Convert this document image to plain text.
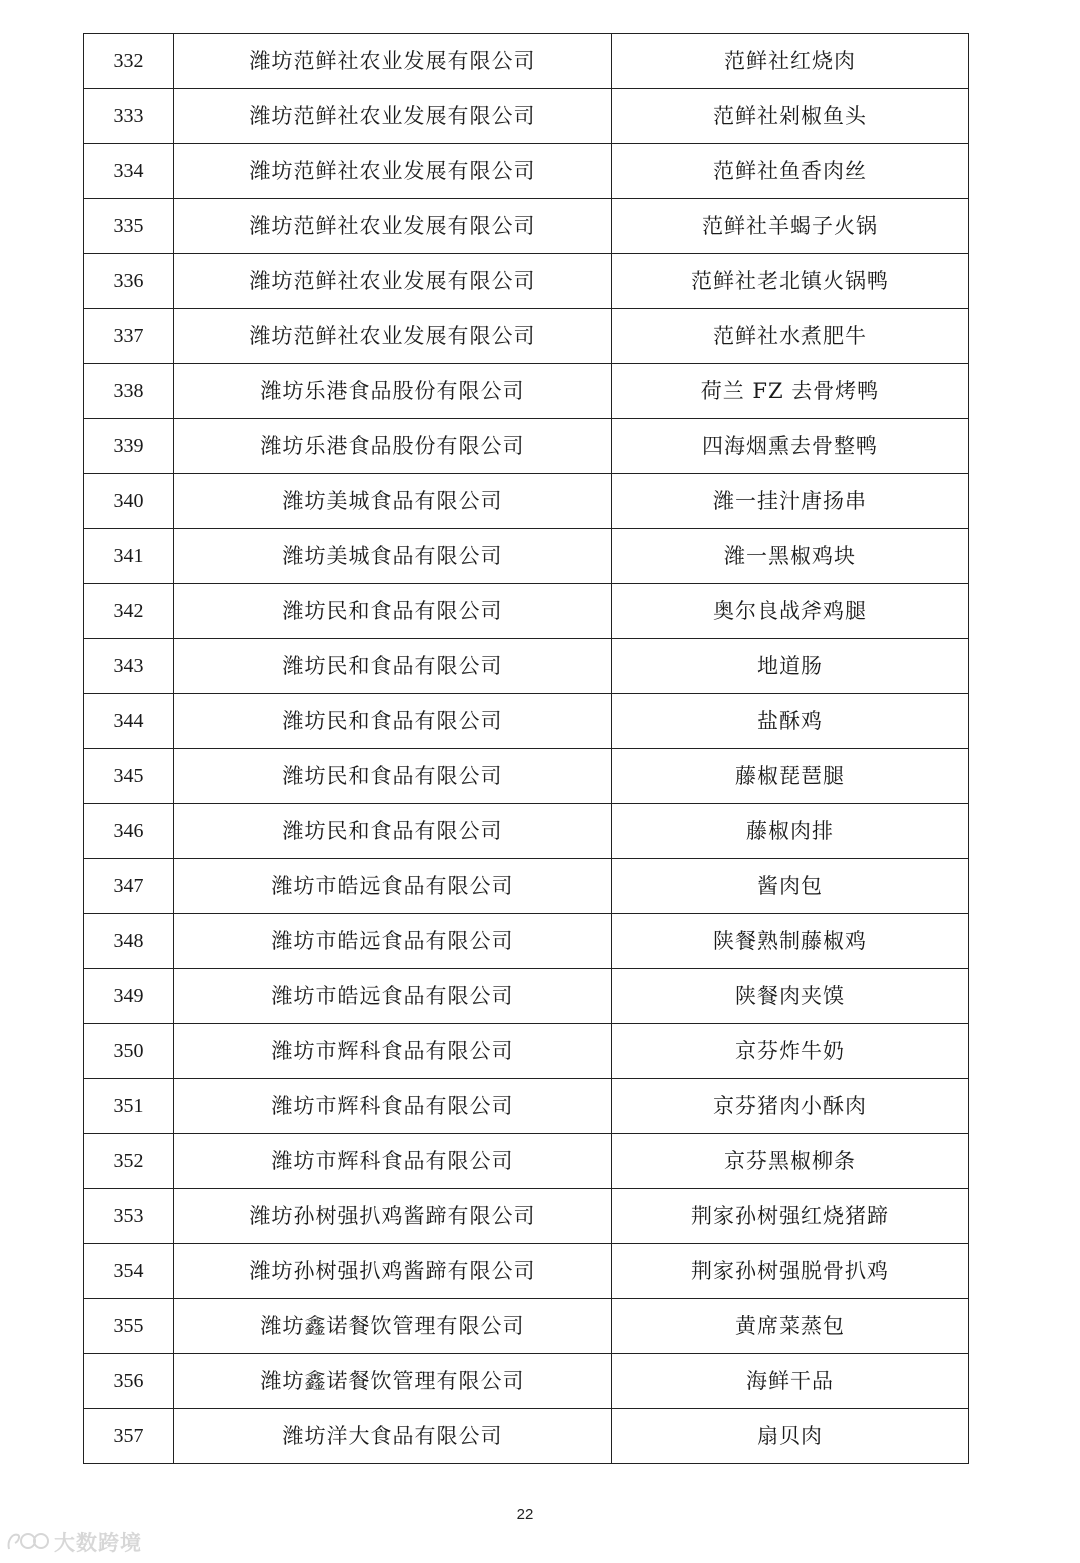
332	潍坊范鲜社农业发展有限公司	范鲜社红烧肉
333	潍坊范鲜社农业发展有限公司	范鲜社剁椒鱼头
334	潍坊范鲜社农业发展有限公司	范鲜社鱼香肉丝
335	潍坊范鲜社农业发展有限公司	范鲜社羊蝎子火锅
336	潍坊范鲜社农业发展有限公司	范鲜社老北镇火锅鸭
337	潍坊范鲜社农业发展有限公司	范鲜社水煮肥牛
338	潍坊乐港食品股份有限公司	荷兰 FZ 去骨烤鸭
339	潍坊乐港食品股份有限公司	四海烟熏去骨整鸭
340	潍坊美城食品有限公司	潍一挂汁唐扬串
341	潍坊美城食品有限公司	潍一黑椒鸡块
342	潍坊民和食品有限公司	奥尔良战斧鸡腿
343	潍坊民和食品有限公司	地道肠
344	潍坊民和食品有限公司	盐酥鸡
345	潍坊民和食品有限公司	藤椒琵琶腿
346	潍坊民和食品有限公司	藤椒肉排
347	潍坊市皓远食品有限公司	酱肉包
348	潍坊市皓远食品有限公司	陕餐熟制藤椒鸡
349	潍坊市皓远食品有限公司	陕餐肉夹馍
350	潍坊市辉科食品有限公司	京芬炸牛奶
351	潍坊市辉科食品有限公司	京芬猪肉小酥肉
352	潍坊市辉科食品有限公司	京芬黑椒柳条
353	潍坊孙树强扒鸡酱蹄有限公司	荆家孙树强红烧猪蹄
354	潍坊孙树强扒鸡酱蹄有限公司	荆家孙树强脱骨扒鸡
355	潍坊鑫诺餐饮管理有限公司	黄席菜蒸包
356	潍坊鑫诺餐饮管理有限公司	海鲜干品
357	潍坊洋大食品有限公司	扇贝肉
22
大数跨境
